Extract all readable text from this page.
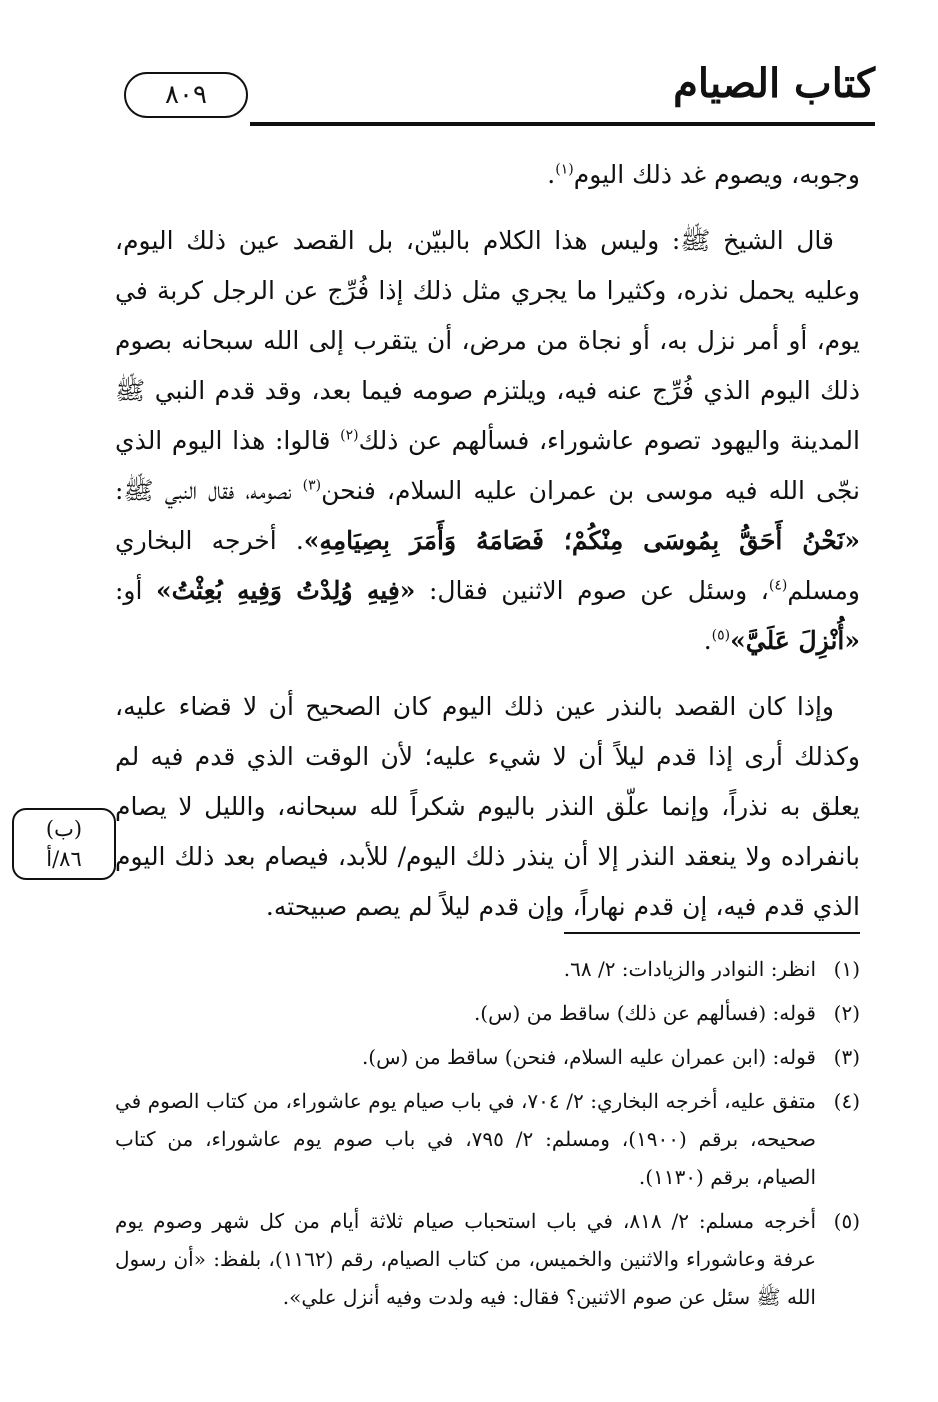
٨٠٩	كتاب الصيام

وجوبه، ويصوم غد ذلك اليوم$^{(١)}$.

قال الشيخ ﷺ: وليس هذا الكلام بالبيّن، بل القصد عين ذلك اليوم، وعليه يحمل نذره، وكثيرا ما يجري مثل ذلك إذا فُرِّج عن الرجل كربة في يوم، أو أمر نزل به، أو نجاة من مرض، أن يتقرب إلى الله سبحانه بصوم ذلك اليوم الذي فُرِّج عنه فيه، ويلتزم صومه فيما بعد، وقد قدم النبي ﷺ المدينة واليهود تصوم عاشوراء، فسألهم عن ذلك$^{(٢)}$ قالوا: هذا اليوم الذي نجّى الله فيه موسى بن عمران عليه السلام، فنحن$^{(٣)}$ نصومه، فقال النبي ﷺ: «نَحْنُ أَحَقُّ بِمُوسَى مِنْكُمْ؛ فَصَامَهُ وَأَمَرَ بِصِيَامِهِ». أخرجه البخاري ومسلم$^{(٤)}$، وسئل عن صوم الاثنين فقال: «فِيهِ وُلِدْتُ وَفِيهِ بُعِثْتُ» أو: «أُنْزِلَ عَلَيَّ»$^{(٥)}$.

وإذا كان القصد بالنذر عين ذلك اليوم كان الصحيح أن لا قضاء عليه، وكذلك أرى إذا قدم ليلاً أن لا شيء عليه؛ لأن الوقت الذي قدم فيه لم يعلق به نذراً، وإنما علّق النذر باليوم شكراً لله سبحانه، والليل لا يصام بانفراده ولا ينعقد النذر إلا أن ينذر ذلك اليوم/ للأبد، فيصام بعد ذلك اليوم الذي قدم فيه، إن قدم نهاراً، وإن قدم ليلاً لم يصم صبيحته.

(ب)
٨٦/أ
(١)
انظر: النوادر والزيادات: ٢/ ٦٨.
(٢)
قوله: (فسألهم عن ذلك) ساقط من (س).
(٣)
قوله: (ابن عمران عليه السلام، فنحن) ساقط من (س).
(٤)
متفق عليه، أخرجه البخاري: ٢/ ٧٠٤، في باب صيام يوم عاشوراء، من كتاب الصوم في صحيحه، برقم (١٩٠٠)، ومسلم: ٢/ ٧٩٥، في باب صوم يوم عاشوراء، من كتاب الصيام، برقم (١١٣٠).
(٥)
أخرجه مسلم: ٢/ ٨١٨، في باب استحباب صيام ثلاثة أيام من كل شهر وصوم يوم عرفة وعاشوراء والاثنين والخميس، من كتاب الصيام، رقم (١١٦٢)، بلفظ: «أن رسول الله ﷺ سئل عن صوم الاثنين؟ فقال: فيه ولدت وفيه أنزل علي».
